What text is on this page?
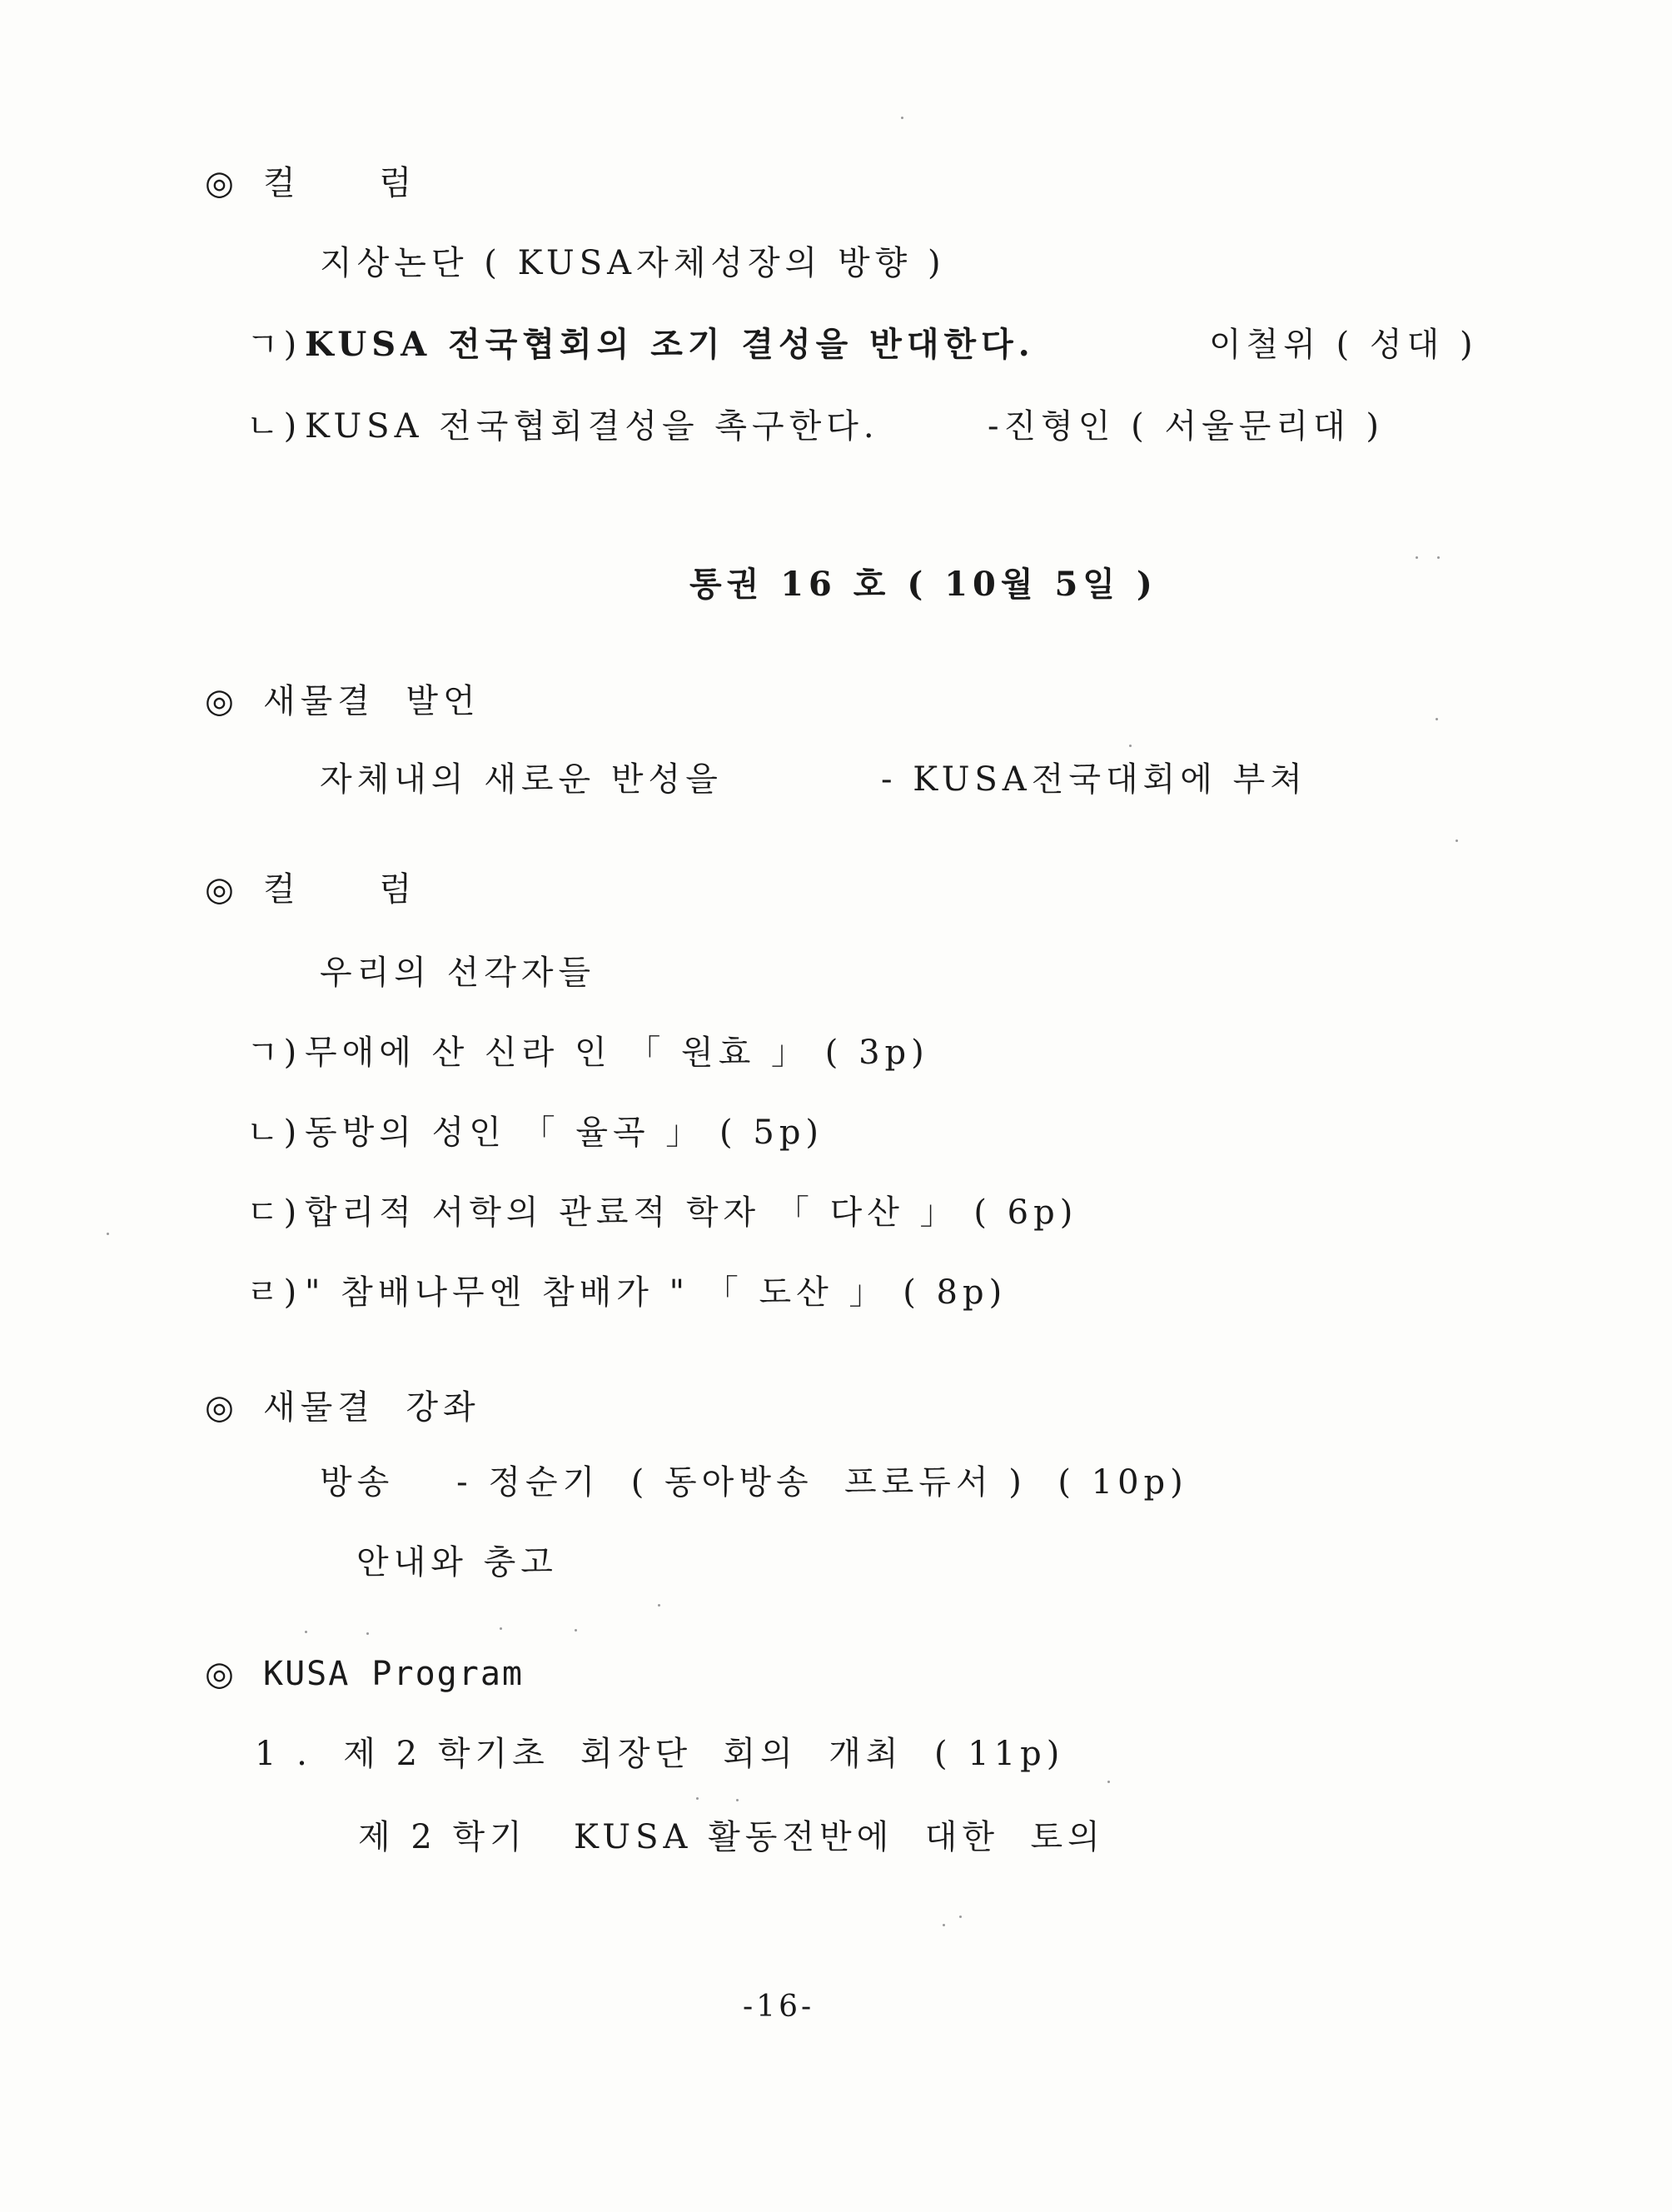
◎ 컬    럼
지상논단 ( KUSA자체성장의 방향 )
ㄱ)KUSA 전국협회의 조기 결성을 반대한다.	이철위 ( 성대 )
ㄴ)KUSA 전국협회결성을 촉구한다.	-진형인 ( 서울문리대 )
통권 16 호 ( 10월 5일 )
◎ 새물결  발언
자체내의 새로운 반성을	- KUSA전국대회에 부쳐
◎ 컬    럼
우리의 선각자들
ㄱ)무애에 산 신라 인 「 원효 」 ( 3p)
ㄴ)동방의 성인 「 율곡 」 ( 5p)
ㄷ)합리적 서학의 관료적 학자 「 다산 」 ( 6p)
ㄹ)" 참배나무엔 참배가 " 「 도산 」 ( 8p)
◎ 새물결  강좌
방송    - 정순기  ( 동아방송  프로듀서 )  ( 10p)
안내와 충고
◎ KUSA Program
1 .  제 2 학기초  회장단  회의  개최  ( 11p)
제 2 학기   KUSA 활동전반에  대한  토의
-16-
